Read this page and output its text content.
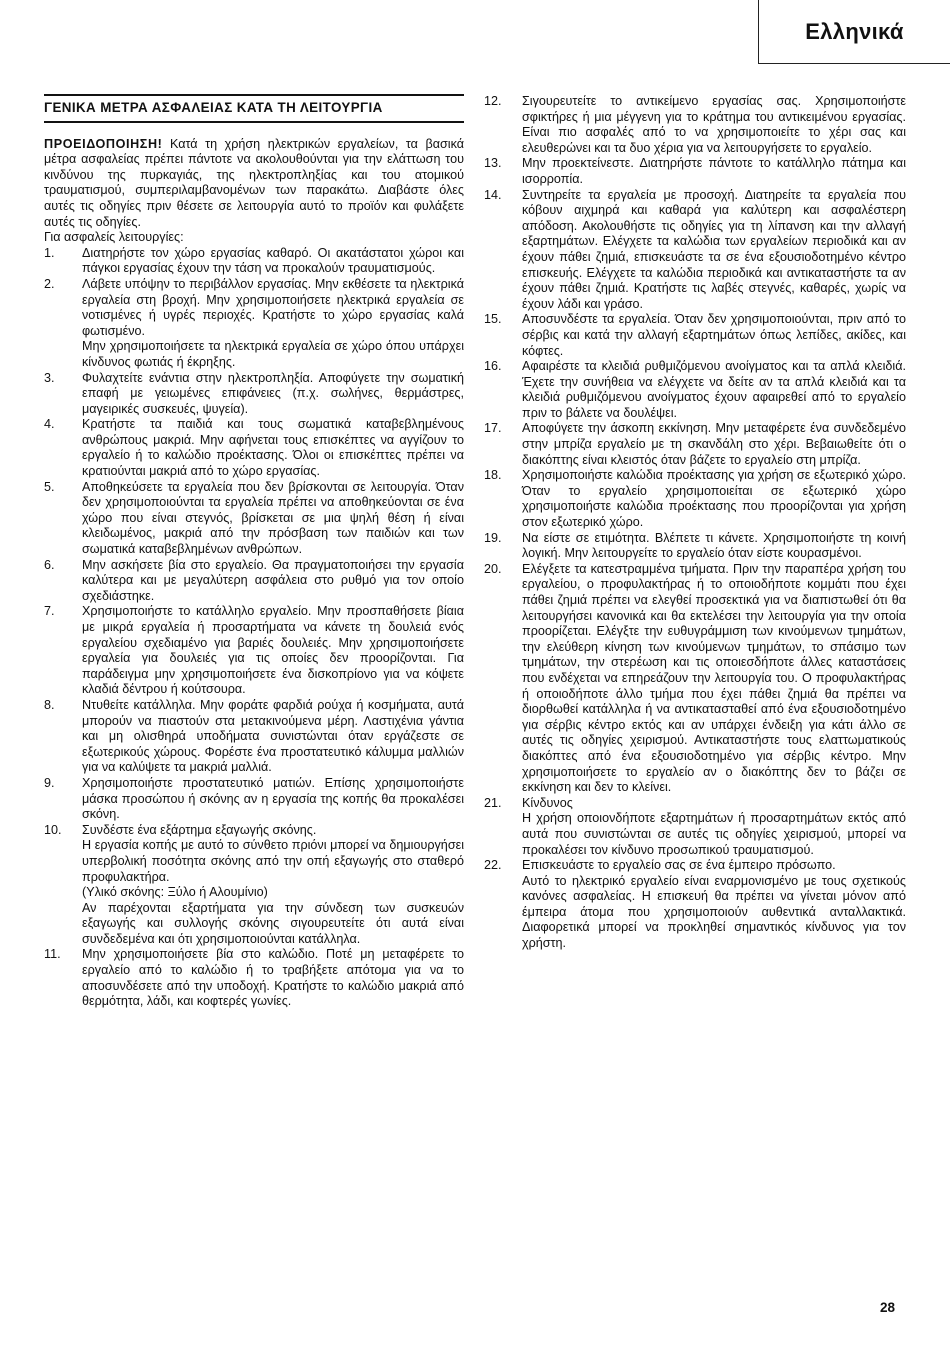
Ελληνικά
ΓΕΝΙΚΑ ΜΕΤΡΑ ΑΣΦΑΛΕΙΑΣ ΚΑΤΑ ΤΗ ΛΕΙΤΟΥΡΓΙΑ

ΠΡΟΕΙΔΟΠΟΙΗΣΗ! Κατά τη χρήση ηλεκτρικών εργαλείων, τα βασικά μέτρα ασφαλείας πρέπει πάντοτε να ακολουθούνται για την ελάττωση του κινδύνου της πυρκαγιάς, της ηλεκτροπληξίας και του ατομικού τραυματισμού, συμπεριλαμβανομένων των παρακάτω. Διαβάστε όλες αυτές τις οδηγίες πριν θέσετε σε λειτουργία αυτό το προϊόν και φυλάξετε αυτές τις οδηγίες.

Για ασφαλείς λειτουργίες:

1.	Διατηρήστε τον χώρο εργασίας καθαρό. Οι ακατάστατοι χώροι και πάγκοι εργασίας έχουν την τάση να προκαλούν τραυματισμούς.

2.	Λάβετε υπόψην το περιβάλλον εργασίας. Μην εκθέσετε τα ηλεκτρικά εργαλεία στη βροχή. Μην χρησιμοποιήσετε ηλεκτρικά εργαλεία σε νοτισμένες ή υγρές περιοχές. Κρατήστε το χώρο εργασίας καλά φωτισμένο.

Μην χρησιμοποιήσετε τα ηλεκτρικά εργαλεία σε χώρο όπου υπάρχει κίνδυνος φωτιάς ή έκρηξης.

3.	Φυλαχτείτε ενάντια στην ηλεκτροπληξία. Αποφύγετε την σωματική επαφή με γειωμένες επιφάνειες (π.χ. σωλήνες, θερμάστρες, μαγειρικές συσκευές, ψυγεία).

4.	Κρατήστε τα παιδιά και τους σωματικά καταβεβλημένους ανθρώπους μακριά. Μην αφήνεται τους επισκέπτες να αγγίζουν το εργαλείο ή το καλώδιο προέκτασης. Όλοι οι επισκέπτες πρέπει να κρατιούνται μακριά από το χώρο εργασίας.

5.	Αποθηκεύσετε τα εργαλεία που δεν βρίσκονται σε λειτουργία. Όταν δεν χρησιμοποιούνται τα εργαλεία πρέπει να αποθηκεύονται σε ένα χώρο που είναι στεγνός, βρίσκεται σε μια ψηλή θέση ή είναι κλειδωμένος, μακριά από την πρόσβαση των παιδιών και των σωματικά καταβεβλημένων ανθρώπων.

6.	Μην ασκήσετε βία στο εργαλείο. Θα πραγματοποιήσει την εργασία καλύτερα και με μεγαλύτερη ασφάλεια στο ρυθμό για τον οποίο σχεδιάστηκε.

7.	Χρησιμοποιήστε το κατάλληλο εργαλείο. Μην προσπαθήσετε βίαια με μικρά εργαλεία ή προσαρτήματα να κάνετε τη δουλειά ενός εργαλείου σχεδιαμένο για βαριές δουλειές. Μην χρησιμοποιήσετε εργαλεία για δουλειές για τις οποίες δεν προορίζονται. Για παράδειγμα μην χρησιμοποιήσετε ένα δισκοπρίονο για να κόψετε κλαδιά δέντρου ή κούτσουρα.

8.	Ντυθείτε κατάλληλα. Μην φοράτε φαρδιά ρούχα ή κοσμήματα, αυτά μπορούν να πιαστούν στα μετακινούμενα μέρη. Λαστιχένια γάντια και μη ολισθηρά υποδήματα συνιστώνται όταν εργάζεστε σε εξωτερικούς χώρους. Φορέστε ένα προστατευτικό κάλυμμα μαλλιών για να καλύψετε τα μακριά μαλλιά.

9.	Χρησιμοποιήστε προστατευτικό ματιών. Επίσης χρησιμοποιήστε μάσκα προσώπου ή σκόνης αν η εργασία της κοπής θα προκαλέσει σκόνη.

10.	Συνδέστε ένα εξάρτημα εξαγωγής σκόνης.

Η εργασία κοπής με αυτό το σύνθετο πριόνι μπορεί να δημιουργήσει υπερβολική ποσότητα σκόνης από την οπή εξαγωγής στο σταθερό προφυλακτήρα.

(Υλικό σκόνης: Ξύλο ή Αλουμίνιο)

Αν παρέχονται εξαρτήματα για την σύνδεση των συσκευών εξαγωγής και συλλογής σκόνης σιγουρευτείτε ότι αυτά είναι συνδεδεμένα και ότι χρησιμοποιούνται κατάλληλα.

11.	Μην χρησιμοποιήσετε βία στο καλώδιο. Ποτέ μη μεταφέρετε το εργαλείο από το καλώδιο ή το τραβήξετε απότομα για να το αποσυνδέσετε από την υποδοχή. Κρατήστε το καλώδιο μακριά από θερμότητα, λάδι, και κοφτερές γωνίες.

12.	Σιγουρευτείτε το αντικείμενο εργασίας σας. Χρησιμοποιήστε σφικτήρες ή μια μέγγενη για το κράτημα του αντικειμένου εργασίας. Είναι πιο ασφαλές από το να χρησιμοποιείτε το χέρι σας και ελευθερώνει και τα δυο χέρια για να λειτουργήσετε το εργαλείο.

13.	Μην προεκτείνεστε. Διατηρήστε πάντοτε το κατάλληλο πάτημα και ισορροπία.

14.	Συντηρείτε τα εργαλεία με προσοχή. Διατηρείτε τα εργαλεία που κόβουν αιχμηρά και καθαρά για καλύτερη και ασφαλέστερη απόδοση. Ακολουθήστε τις οδηγίες για τη λίπανση και την αλλαγή εξαρτημάτων. Ελέγχετε τα καλώδια των εργαλείων περιοδικά και αν έχουν πάθει ζημιά, επισκευάστε τα σε ένα εξουσιοδοτημένο κέντρο επισκευής. Ελέγχετε τα καλώδια περιοδικά και αντικαταστήστε τα αν έχουν πάθει ζημιά. Κρατήστε τις λαβές στεγνές, καθαρές, χωρίς να έχουν λάδι και γράσο.

15.	Αποσυνδέστε τα εργαλεία. Όταν δεν χρησιμοποιούνται, πριν από το σέρβις και κατά την αλλαγή εξαρτημάτων όπως λεπίδες, ακίδες, και κόφτες.

16.	Αφαιρέστε τα κλειδιά ρυθμιζόμενου ανοίγματος και τα απλά κλειδιά. Έχετε την συνήθεια να ελέγχετε να δείτε αν τα απλά κλειδιά και τα κλειδιά ρυθμιζόμενου ανοίγματος έχουν αφαιρεθεί από το εργαλείο πριν το βάλετε να δουλέψει.

17.	Αποφύγετε την άσκοπη εκκίνηση. Μην μεταφέρετε ένα συνδεδεμένο στην μπρίζα εργαλείο με τη σκανδάλη στο χέρι. Βεβαιωθείτε ότι ο διακόπτης είναι κλειστός όταν βάζετε το εργαλείο στη μπρίζα.

18.	Χρησιμοποιήστε καλώδια προέκτασης για χρήση σε εξωτερικό χώρο. Όταν το εργαλείο χρησιμοποιείται σε εξωτερικό χώρο χρησιμοποιήστε καλώδια προέκτασης που προορίζονται για χρήση στον εξωτερικό χώρο.

19.	Να είστε σε ετιμότητα. Βλέπετε τι κάνετε. Χρησιμοποιήστε τη κοινή λογική. Μην λειτουργείτε το εργαλείο όταν είστε κουρασμένοι.

20.	Ελέγξετε τα κατεστραμμένα τμήματα. Πριν την παραπέρα χρήση του εργαλείου, ο προφυλακτήρας ή το οποιοδήποτε κομμάτι που έχει πάθει ζημιά πρέπει να ελεγθεί προσεκτικά για να διαπιστωθεί ότι θα λειτουργήσει κανονικά και θα εκτελέσει την λειτουργία για την οποία προορίζεται. Ελέγξτε την ευθυγράμμιση των κινούμενων τμημάτων, την ελεύθερη κίνηση των κινούμενων τμημάτων, το σπάσιμο των τμημάτων, την στερέωση και τις οποιεσδήποτε άλλες καταστάσεις που ενδέχεται να επηρεάζουν την λειτουργία του. Ο προφυλακτήρας ή οποιοδήποτε άλλο τμήμα που έχει πάθει ζημιά θα πρέπει να διορθωθεί κατάλληλα ή να αντικατασταθεί από ένα εξουσιοδοτημένο για σέρβις κέντρο εκτός και αν υπάρχει ένδειξη για κάτι άλλο σε αυτές τις οδηγίες χειρισμού. Αντικαταστήστε τους ελαττωματικούς διακόπτες από ένα εξουσιοδοτημένο για σέρβις κέντρο. Μην χρησιμοποιήσετε το εργαλείο αν ο διακόπτης δεν το βάζει σε εκκίνηση και δεν το κλείνει.

21.	Κίνδυνος

Η χρήση οποιονδήποτε εξαρτημάτων ή προσαρτημάτων εκτός από αυτά που συνιστώνται σε αυτές τις οδηγίες χειρισμού, μπορεί να προκαλέσει τον κίνδυνο προσωπικού τραυματισμού.

22.	Επισκευάστε το εργαλείο σας σε ένα έμπειρο πρόσωπο.

Αυτό το ηλεκτρικό εργαλείο είναι εναρμονισμένο με τους σχετικούς κανόνες ασφαλείας. Η επισκευή θα πρέπει να γίνεται μόνον από έμπειρα άτομα που χρησιμοποιούν αυθεντικά ανταλλακτικά. Διαφορετικά μπορεί να προκληθεί σημαντικός κίνδυνος για τον χρήστη.

28
